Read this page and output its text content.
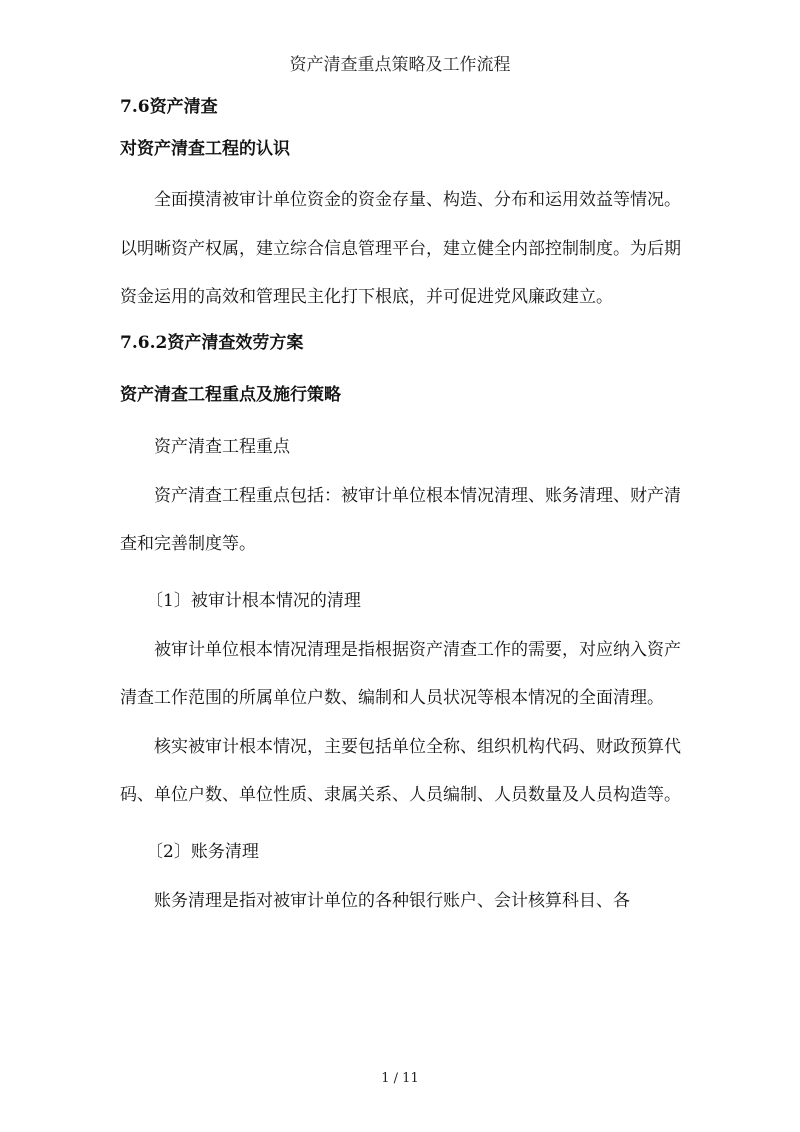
资产清查重点策略及工作流程

7.6资产清查

对资产清查工程的认识

全面摸清被审计单位资金的资金存量、构造、分布和运用效益等情况。以明晰资产权属，建立综合信息管理平台，建立健全内部控制制度。为后期资金运用的高效和管理民主化打下根底，并可促进党风廉政建立。

7.6.2资产清查效劳方案

资产清查工程重点及施行策略

资产清查工程重点

资产清查工程重点包括：被审计单位根本情况清理、账务清理、财产清查和完善制度等。

〔1〕被审计根本情况的清理

被审计单位根本情况清理是指根据资产清查工作的需要，对应纳入资产清查工作范围的所属单位户数、编制和人员状况等根本情况的全面清理。

核实被审计根本情况，主要包括单位全称、组织机构代码、财政预算代码、单位户数、单位性质、隶属关系、人员编制、人员数量及人员构造等。

〔2〕账务清理

账务清理是指对被审计单位的各种银行账户、会计核算科目、各

1 / 11
